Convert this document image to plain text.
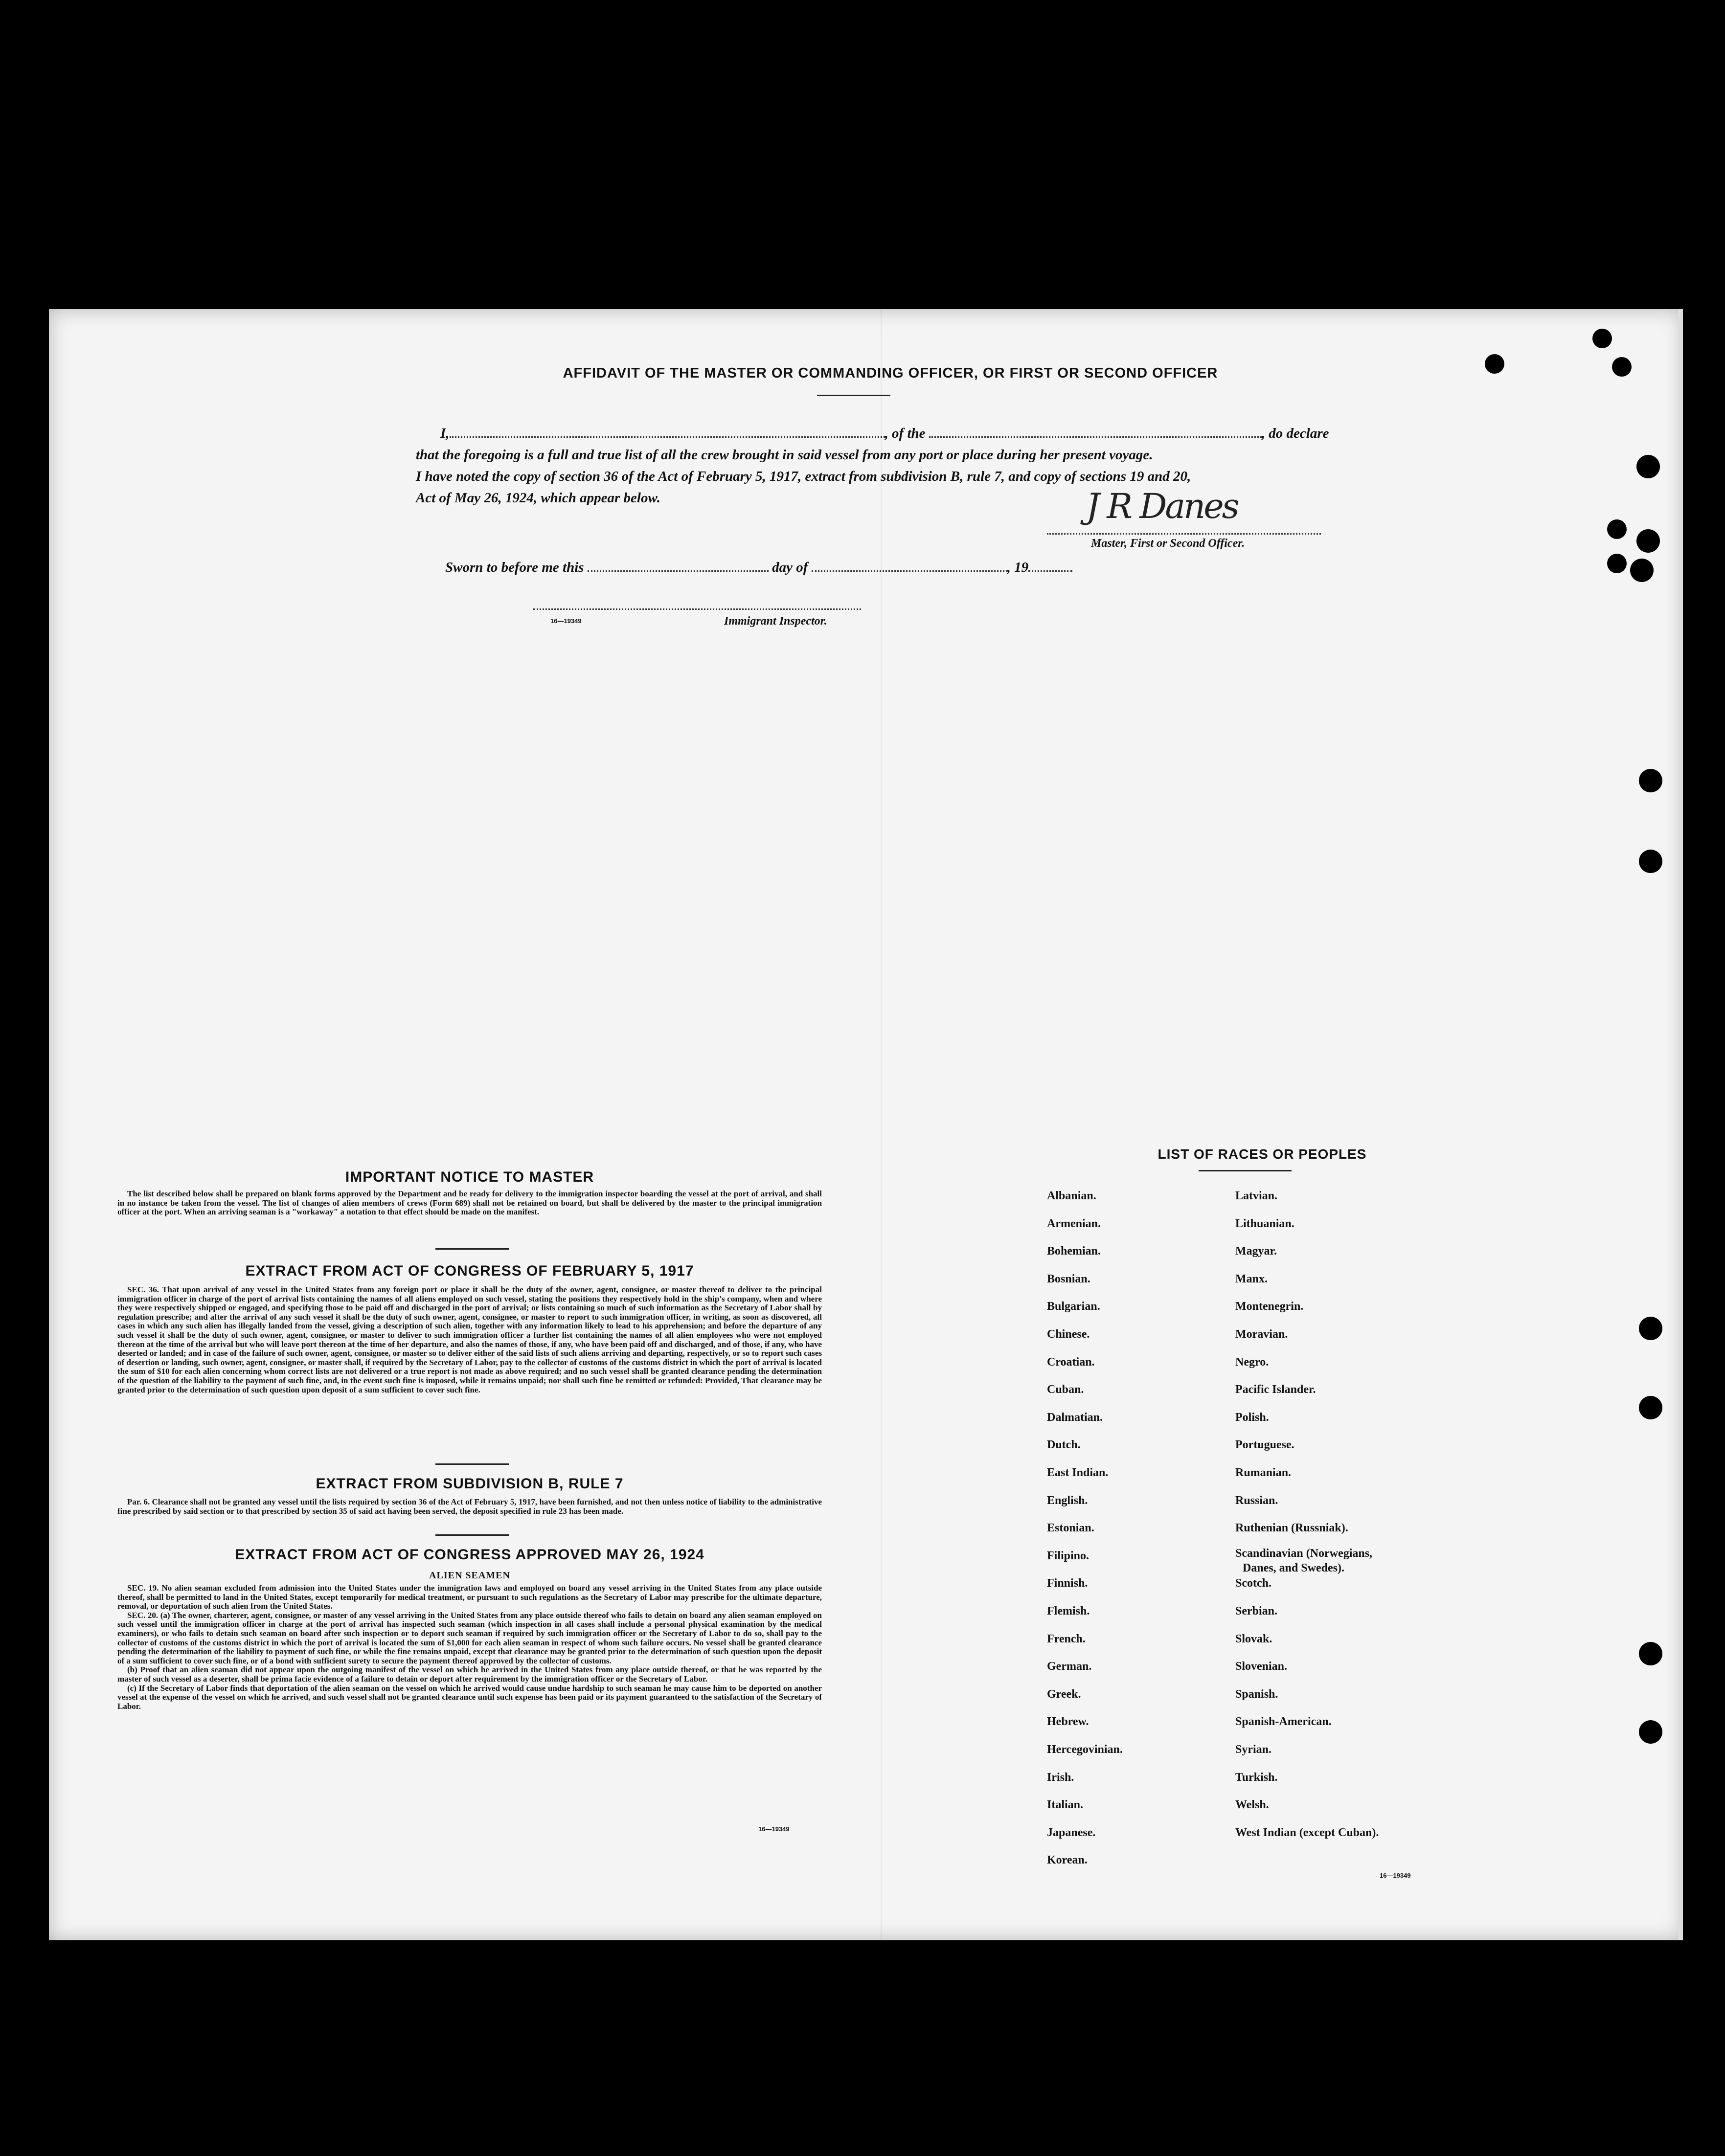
AFFIDAVIT OF THE MASTER OR COMMANDING OFFICER, OR FIRST OR SECOND OFFICER
I,	, of the	, do declare
that the foregoing is a full and true list of all the crew brought in said vessel from any port or place during her present voyage.
I have noted the copy of section 36 of the Act of February 5, 1917, extract from subdivision B, rule 7, and copy of sections 19 and 20,
Act of May 26, 1924, which appear below.	J R Danes
Master, First or Second Officer.
Sworn to before me this	day of	, 19
16—19349	Immigrant Inspector.
IMPORTANT NOTICE TO MASTER

The list described below shall be prepared on blank forms approved by the Department and be ready for delivery to the immigration inspector boarding the vessel at the port of arrival, and shall in no instance be taken from the vessel. The list of changes of alien members of crews (Form 689) shall not be retained on board, but shall be delivered by the master to the principal immigration officer at the port. When an arriving seaman is a "workaway" a notation to that effect should be made on the manifest.

EXTRACT FROM ACT OF CONGRESS OF FEBRUARY 5, 1917

SEC. 36. That upon arrival of any vessel in the United States from any foreign port or place it shall be the duty of the owner, agent, consignee, or master thereof to deliver to the principal immigration officer in charge of the port of arrival lists containing the names of all aliens employed on such vessel, stating the positions they respectively hold in the ship's company, when and where they were respectively shipped or engaged, and specifying those to be paid off and discharged in the port of arrival; or lists containing so much of such information as the Secretary of Labor shall by regulation prescribe; and after the arrival of any such vessel it shall be the duty of such owner, agent, consignee, or master to report to such immigration officer, in writing, as soon as discovered, all cases in which any such alien has illegally landed from the vessel, giving a description of such alien, together with any information likely to lead to his apprehension; and before the departure of any such vessel it shall be the duty of such owner, agent, consignee, or master to deliver to such immigration officer a further list containing the names of all alien employees who were not employed thereon at the time of the arrival but who will leave port thereon at the time of her departure, and also the names of those, if any, who have been paid off and discharged, and of those, if any, who have deserted or landed; and in case of the failure of such owner, agent, consignee, or master so to deliver either of the said lists of such aliens arriving and departing, respectively, or so to report such cases of desertion or landing, such owner, agent, consignee, or master shall, if required by the Secretary of Labor, pay to the collector of customs of the customs district in which the port of arrival is located the sum of $10 for each alien concerning whom correct lists are not delivered or a true report is not made as above required; and no such vessel shall be granted clearance pending the determination of the question of the liability to the payment of such fine, and, in the event such fine is imposed, while it remains unpaid; nor shall such fine be remitted or refunded: Provided, That clearance may be granted prior to the determination of such question upon deposit of a sum sufficient to cover such fine.

EXTRACT FROM SUBDIVISION B, RULE 7

Par. 6. Clearance shall not be granted any vessel until the lists required by section 36 of the Act of February 5, 1917, have been furnished, and not then unless notice of liability to the administrative fine prescribed by said section or to that prescribed by section 35 of said act having been served, the deposit specified in rule 23 has been made.

EXTRACT FROM ACT OF CONGRESS APPROVED MAY 26, 1924
ALIEN SEAMEN

SEC. 19. No alien seaman excluded from admission into the United States under the immigration laws and employed on board any vessel arriving in the United States from any place outside thereof, shall be permitted to land in the United States, except temporarily for medical treatment, or pursuant to such regulations as the Secretary of Labor may prescribe for the ultimate departure, removal, or deportation of such alien from the United States.

SEC. 20. (a) The owner, charterer, agent, consignee, or master of any vessel arriving in the United States from any place outside thereof who fails to detain on board any alien seaman employed on such vessel until the immigration officer in charge at the port of arrival has inspected such seaman (which inspection in all cases shall include a personal physical examination by the medical examiners), or who fails to detain such seaman on board after such inspection or to deport such seaman if required by such immigration officer or the Secretary of Labor to do so, shall pay to the collector of customs of the customs district in which the port of arrival is located the sum of $1,000 for each alien seaman in respect of whom such failure occurs. No vessel shall be granted clearance pending the determination of the liability to payment of such fine, or while the fine remains unpaid, except that clearance may be granted prior to the determination of such question upon the deposit of a sum sufficient to cover such fine, or of a bond with sufficient surety to secure the payment thereof approved by the collector of customs.

(b) Proof that an alien seaman did not appear upon the outgoing manifest of the vessel on which he arrived in the United States from any place outside thereof, or that he was reported by the master of such vessel as a deserter, shall be prima facie evidence of a failure to detain or deport after requirement by the immigration officer or the Secretary of Labor.

(c) If the Secretary of Labor finds that deportation of the alien seaman on the vessel on which he arrived would cause undue hardship to such seaman he may cause him to be deported on another vessel at the expense of the vessel on which he arrived, and such vessel shall not be granted clearance until such expense has been paid or its payment guaranteed to the satisfaction of the Secretary of Labor.

16—19349
LIST OF RACES OR PEOPLES
Albanian.
Armenian.
Bohemian.
Bosnian.
Bulgarian.
Chinese.
Croatian.
Cuban.
Dalmatian.
Dutch.
East Indian.
English.
Estonian.
Filipino.
Finnish.
Flemish.
French.
German.
Greek.
Hebrew.
Hercegovinian.
Irish.
Italian.
Japanese.
Korean.
Latvian.
Lithuanian.
Magyar.
Manx.
Montenegrin.
Moravian.
Negro.
Pacific Islander.
Polish.
Portuguese.
Rumanian.
Russian.
Ruthenian (Russniak).
Scandinavian (Norwegians,
Danes, and Swedes).
Scotch.
Serbian.
Slovak.
Slovenian.
Spanish.
Spanish-American.
Syrian.
Turkish.
Welsh.
West Indian (except Cuban).
16—19349
